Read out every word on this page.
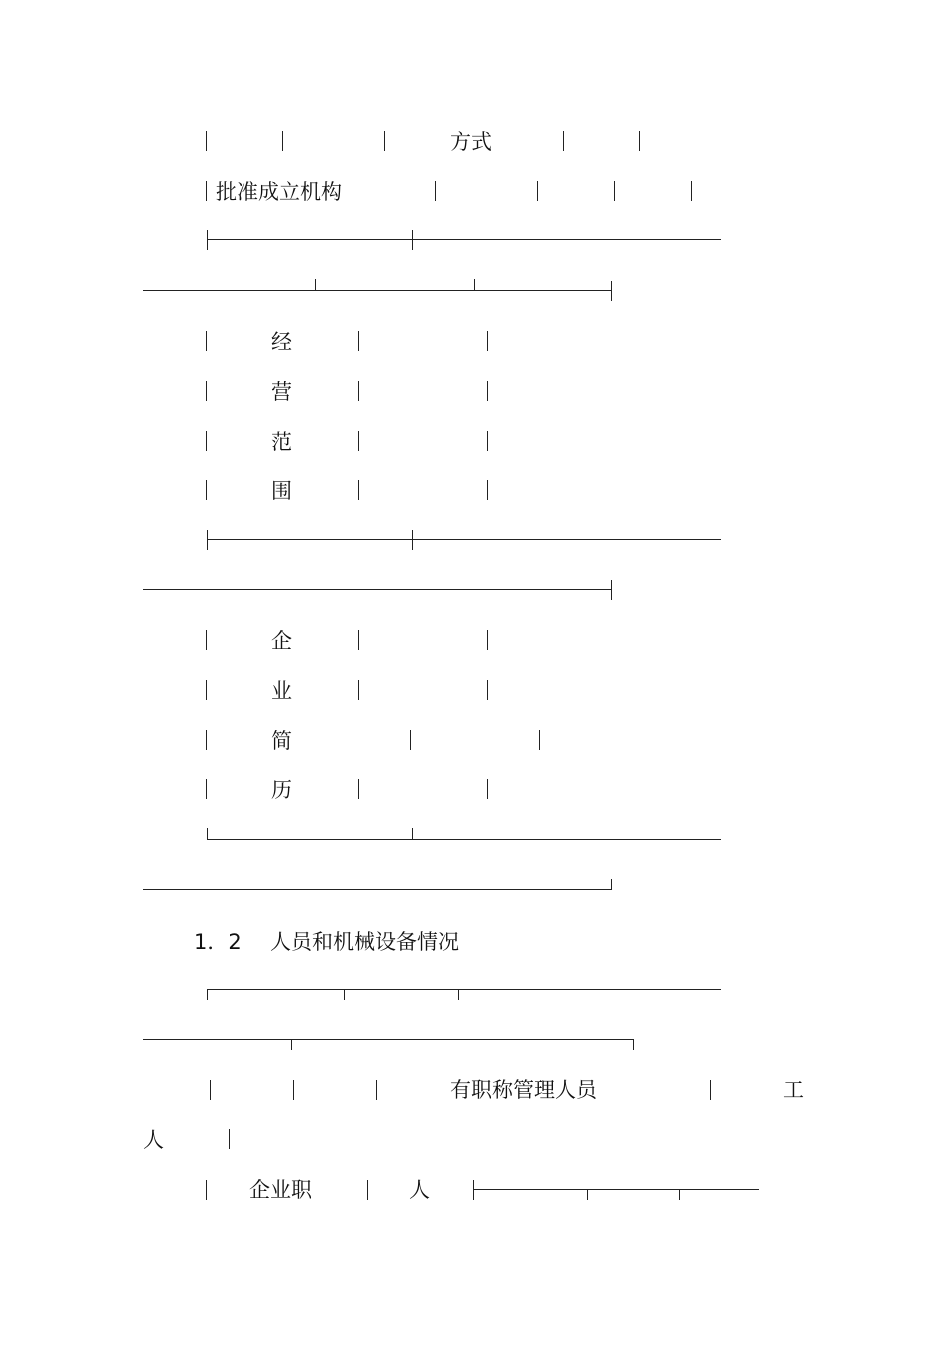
方式
批准成立机构
经
营
范
围
企
业
简
历
1．2 人员和机械设备情况
有职称管理人员	工
人
企业职	人
